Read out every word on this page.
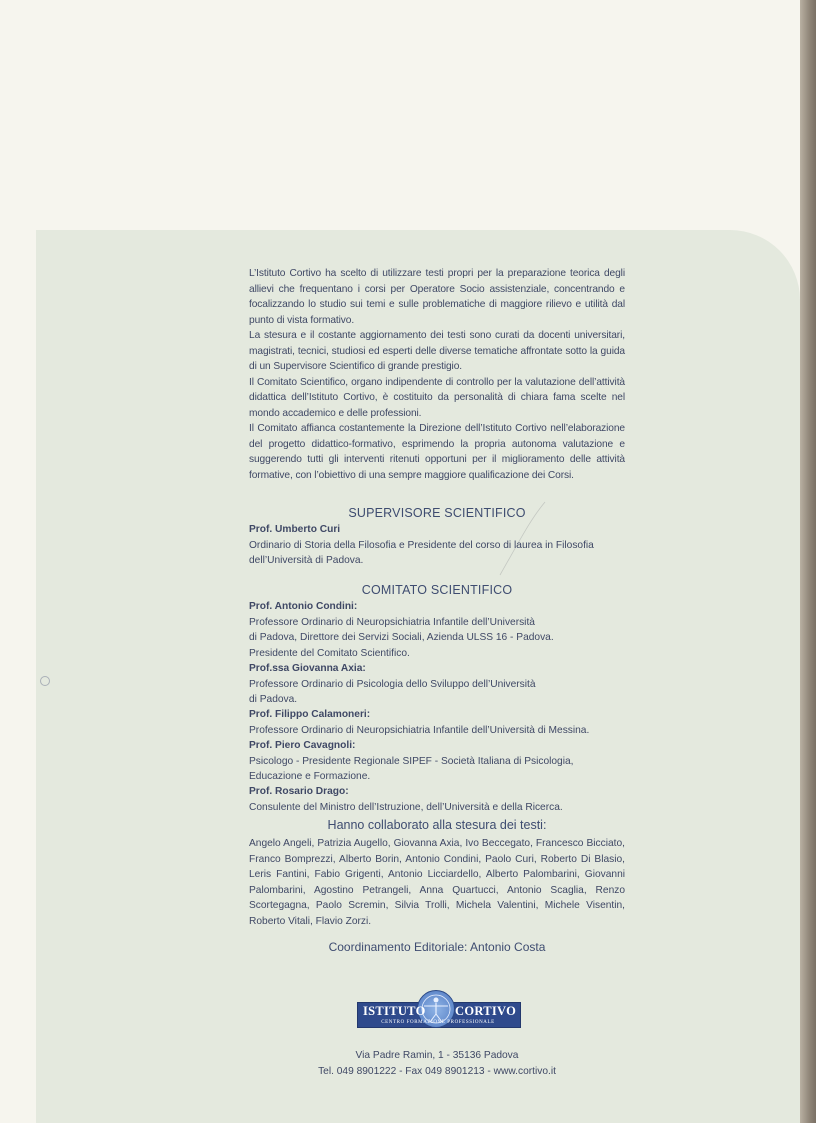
L’Istituto Cortivo ha scelto di utilizzare testi propri per la preparazione teorica degli allievi che frequentano i corsi per Operatore Socio assistenziale, concentrando e focalizzando lo studio sui temi e sulle problematiche di maggiore rilievo e utilità dal punto di vista formativo.

La stesura e il costante aggiornamento dei testi sono curati da docenti universitari, magistrati, tecnici, studiosi ed esperti delle diverse tematiche affrontate sotto la guida di un Supervisore Scientifico di grande prestigio.

Il Comitato Scientifico, organo indipendente di controllo per la valutazione dell’attività didattica dell’Istituto Cortivo, è costituito da personalità di chiara fama scelte nel mondo accademico e delle professioni.

Il Comitato affianca costantemente la Direzione dell’Istituto Cortivo nell’elaborazione del progetto didattico-formativo, esprimendo la propria autonoma valutazione e suggerendo tutti gli interventi ritenuti opportuni per il miglioramento delle attività formative, con l’obiettivo di una sempre maggiore qualificazione dei Corsi.

SUPERVISORE SCIENTIFICO
Prof. Umberto Curi
Ordinario di Storia della Filosofia e Presidente del corso di laurea in Filosofia dell’Università di Padova.
COMITATO SCIENTIFICO
Prof. Antonio Condini:
Professore Ordinario di Neuropsichiatria Infantile dell’Università
di Padova, Direttore dei Servizi Sociali, Azienda ULSS 16 - Padova.
Presidente del Comitato Scientifico.
Prof.ssa Giovanna Axia:
Professore Ordinario di Psicologia dello Sviluppo dell’Università
di Padova.
Prof. Filippo Calamoneri:
Professore Ordinario di Neuropsichiatria Infantile dell’Università di Messina.
Prof. Piero Cavagnoli:
Psicologo - Presidente Regionale SIPEF - Società Italiana di Psicologia,
Educazione e Formazione.
Prof. Rosario Drago:
Consulente del Ministro dell’Istruzione, dell’Università e della Ricerca.
Hanno collaborato alla stesura dei testi:
Angelo Angeli, Patrizia Augello, Giovanna Axia, Ivo Beccegato, Francesco Bicciato, Franco Bomprezzi, Alberto Borin, Antonio Condini, Paolo Curi, Roberto Di Blasio, Leris Fantini, Fabio Grigenti, Antonio Licciardello, Alberto Palombarini, Giovanni Palombarini, Agostino Petrangeli, Anna Quartucci, Antonio Scaglia, Renzo Scortegagna, Paolo Scremin, Silvia Trolli, Michela Valentini, Michele Visentin, Roberto Vitali, Flavio Zorzi.
Coordinamento Editoriale: Antonio Costa
ISTITUTO CORTIVO
CENTRO FORMAZIONE PROFESSIONALE
Via Padre Ramin, 1 - 35136 Padova
Tel. 049 8901222 - Fax 049 8901213 - www.cortivo.it
